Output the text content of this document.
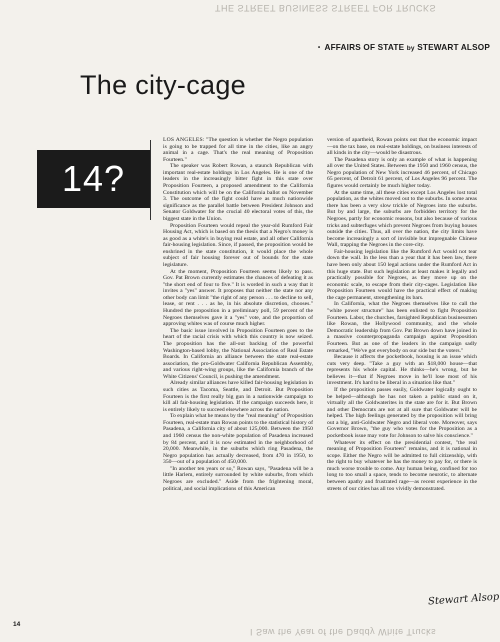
THE STREET BUSINESS STREET FOR TRUCKS
• AFFAIRS OF STATE by STEWART ALSOP
The city-cage
14?

LOS ANGELES: "The question is whether the Negro population is going to be trapped for all time in the cities, like an angry animal in a cage. That's the real meaning of Proposition Fourteen."

The speaker was Robert Rowan, a staunch Republican with important real-estate holdings in Los Angeles. He is one of the leaders in the increasingly bitter fight in this state over Proposition Fourteen, a proposed amendment to the California Constitution which will be on the California ballot on November 3. The outcome of the fight could have as much nationwide significance as the parallel battle between President Johnson and Senator Goldwater for the crucial 40 electoral votes of this, the biggest state in the Union.

Proposition Fourteen would repeal the year-old Rumford Fair Housing Act, which is based on the thesis that a Negro's money is as good as a white's in buying real estate, and all other California fair-housing legislation. Since, if passed, the proposition would be enshrined in the state constitution, it would place the whole subject of fair housing forever out of bounds for the state legislature.

At the moment, Proposition Fourteen seems likely to pass. Gov. Pat Brown currently estimates the chances of defeating it as "the short end of four to five." It is worded in such a way that it invites a "yes" answer. It proposes that neither the state nor any other body can limit "the right of any person . . . to decline to sell, lease, or rent . . . as he, in his absolute discretion, chooses." Hundred the proposition in a preliminary poll, 59 percent of the Negroes themselves gave it a "yes" vote, and the proportion of approving whites was of course much higher.

The basic issue involved in Proposition Fourteen goes to the heart of the racial crisis with which this country is now seized. The proposition has the all-out backing of the powerful Washington-based lobby, the National Association of Real Estate Boards. In California an alliance between the state real-estate association, the pro-Goldwater California Republican Assembly, and various right-wing groups, like the California branch of the White Citizens' Council, is pushing the amendment.

Already similar alliances have killed fair-housing legislation in such cities as Tacoma, Seattle, and Detroit. But Proposition Fourteen is the first really big gun in a nationwide campaign to kill all fair-housing legislation. If the campaign succeeds here, it is entirely likely to succeed elsewhere across the nation.

To explain what he means by the "real meaning" of Proposition Fourteen, real-estate man Rowan points to the statistical history of Pasadena, a California city of about 125,000. Between the 1950 and 1960 census the non-white population of Pasadena increased by 84 percent, and it is now estimated in the neighborhood of 20,000. Meanwhile, in the suburbs which ring Pasadena, the Negro population has actually decreased, from 470 in 1950, to 350—out of a population of 450,000.

"In another ten years or so," Rowan says, "Pasadena will be a little Harlem, entirely surrounded by white suburbs, from which Negroes are excluded." Aside from the frightening moral, political, and social implications of this American

version of apartheid, Rowan points out that the economic impact—on the tax base, on real-estate holdings, on business interests of all kinds in the city—would be disastrous.

The Pasadena story is only an example of what is happening all over the United States. Between the 1950 and 1960 census, the Negro population of New York increased 46 percent, of Chicago 65 percent, of Detroit 61 percent, of Los Angeles 96 percent. The figures would certainly be much higher today.

At the same time, all these cities except Los Angeles lost total population, as the whites moved out to the suburbs. In some areas there has been a very slow trickle of Negroes into the suburbs. But by and large, the suburbs are forbidden territory for the Negroes, partly for economic reasons, but also because of various tricks and subterfuges which prevent Negroes from buying houses outside the cities. Thus, all over the nation, the city limits have become increasingly a sort of invisible but impregnable Chinese Wall, trapping the Negroes in the core-city.

Fair-housing legislation like the Rumford Act would not tear down the wall. In the less than a year that it has been law, there have been only about 150 legal actions under the Rumford Act in this huge state. But such legislation at least makes it legally and practically possible for Negroes, as they move up on the economic scale, to escape from their city-cages. Legislation like Proposition Fourteen would have the practical effect of making the cage permanent, strengthening its bars.

In California, what the Negroes themselves like to call the "white power structure" has been enlisted to fight Proposition Fourteen. Labor, the churches, farsighted Republican businessmen like Rowan, the Hollywood community, and the whole Democratic leadership from Gov. Pat Brown down have joined in a massive counterpropaganda campaign against Proposition Fourteen. But as one of the leaders in the campaign sadly remarked, "We've got everybody on our side but the voters."

Because it affects the pocketbook, housing is an issue which cuts very deep. "Take a guy with an $18,000 house—that represents his whole capital. He thinks—he's wrong, but he believes it—that if Negroes move in he'll lose most of his investment. It's hard to be liberal in a situation like that."

If the proposition passes easily, Goldwater logically ought to be helped—although he has not taken a public stand on it, virtually all the Goldwaterites in the state are for it. But Brown and other Democrats are not at all sure that Goldwater will be helped. The high feelings generated by the proposition will bring out a big, anti-Goldwater Negro and liberal vote. Moreover, says Governor Brown, "the guy who votes for the Proposition as a pocketbook issue may vote for Johnson to salve his conscience."

Whatever its effect on the presidential contest, "the real meaning of Proposition Fourteen" remains, and it is national in scope. Either the Negro will be admitted to full citizenship, with the right to buy whatever he has the money to pay for, or there is much worse trouble to come. Any human being, confined for too long to too small a space, tends to become neurotic, to alternate between apathy and frustrated rage—as recent experience in the streets of our cities has all too vividly demonstrated.

Stewart Alsop
I Saw the Year of the Daddy White Trucks
14
